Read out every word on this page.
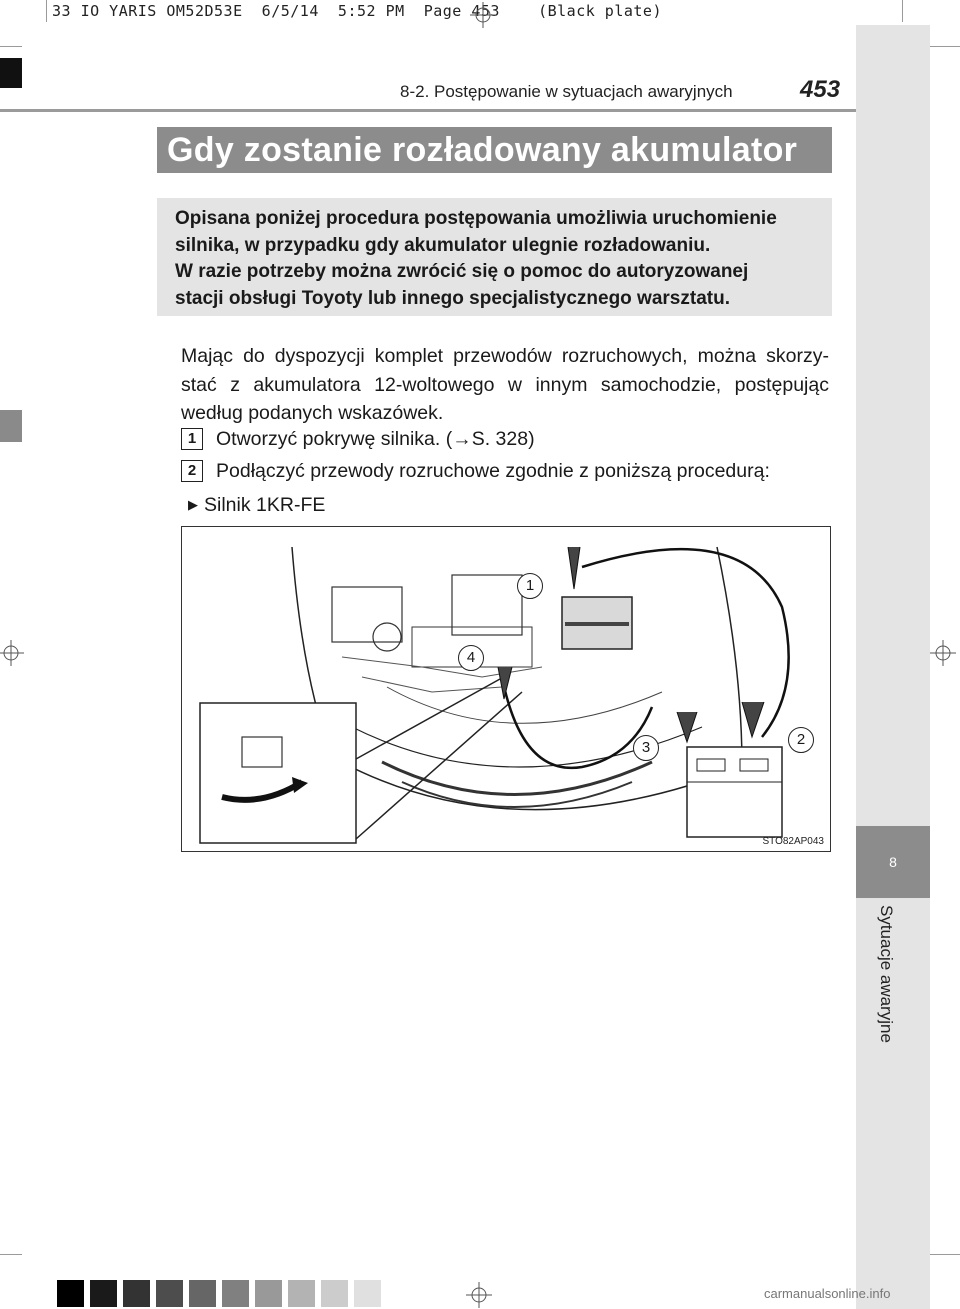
33 IO YARIS OM52D53E  6/5/14  5:52 PM  Page 453    (Black plate)
8
Sytuacje awaryjne
8-2. Postępowanie w sytuacjach awaryjnych	453
Gdy zostanie rozładowany akumulator
Opisana poniżej procedura postępowania umożliwia uruchomienie
silnika, w przypadku gdy akumulator ulegnie rozładowaniu.
W razie potrzeby można zwrócić się o pomoc do autoryzowanej
stacji obsługi Toyoty lub innego specjalistycznego warsztatu.
Mając do dyspozycji komplet przewodów rozruchowych, można skorzy-stać z akumulatora 12-woltowego w innym samochodzie, postępując według podanych wskazówek.
1 Otworzyć pokrywę silnika. (→S. 328)
2 Podłączyć przewody rozruchowe zgodnie z poniższą procedurą:
▶ Silnik 1KR-FE
1
2
3
4
STO82AP043
carmanualsonline.info
